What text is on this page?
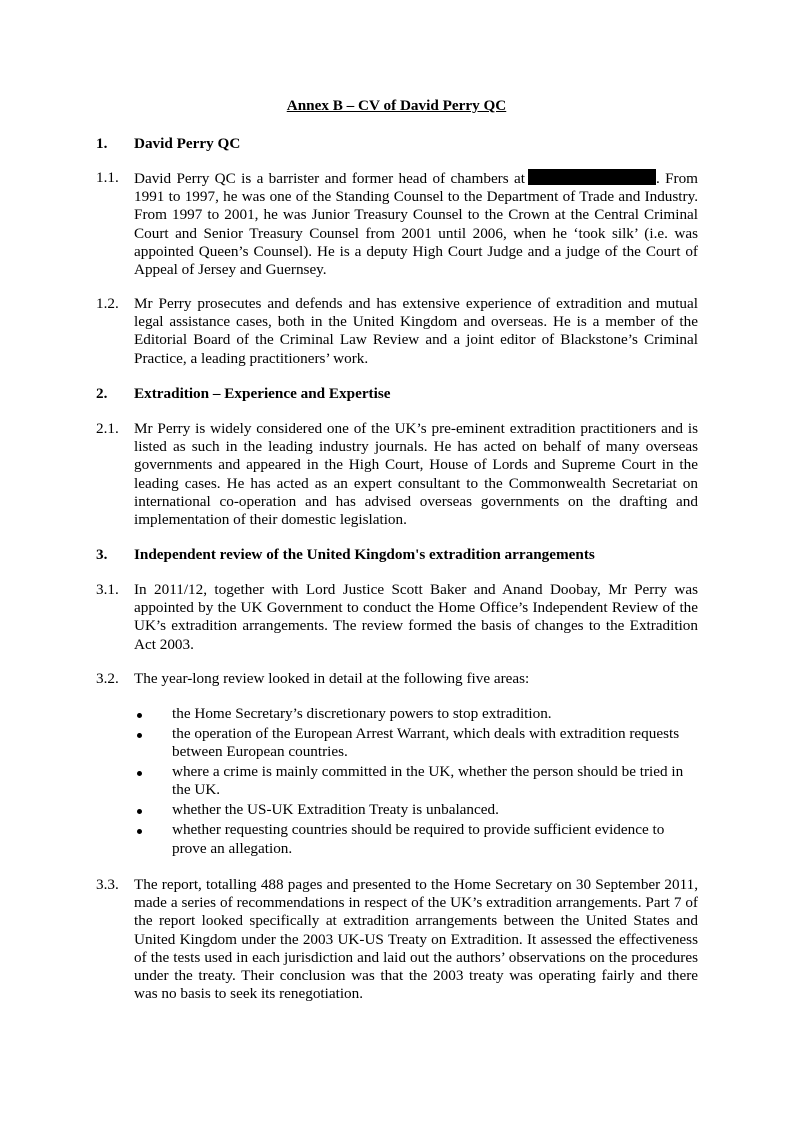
Annex B – CV of David Perry QC
1.	David Perry QC
1.1.	David Perry QC is a barrister and former head of chambers at	. From 1991 to 1997, he was one of the Standing Counsel to the Department of Trade and Industry. From 1997 to 2001, he was Junior Treasury Counsel to the Crown at the Central Criminal Court and Senior Treasury Counsel from 2001 until 2006, when he ‘took silk’ (i.e. was appointed Queen’s Counsel). He is a deputy High Court Judge and a judge of the Court of Appeal of Jersey and Guernsey.
1.2.	Mr Perry prosecutes and defends and has extensive experience of extradition and mutual legal assistance cases, both in the United Kingdom and overseas. He is a member of the Editorial Board of the Criminal Law Review and a joint editor of Blackstone’s Criminal Practice, a leading practitioners’ work.
2.	Extradition – Experience and Expertise
2.1.	Mr Perry is widely considered one of the UK’s pre-eminent extradition practitioners and is listed as such in the leading industry journals. He has acted on behalf of many overseas governments and appeared in the High Court, House of Lords and Supreme Court in the leading cases. He has acted as an expert consultant to the Commonwealth Secretariat on international co-operation and has advised overseas governments on the drafting and implementation of their domestic legislation.
3.	Independent review of the United Kingdom's extradition arrangements
3.1.	In 2011/12, together with Lord Justice Scott Baker and Anand Doobay, Mr Perry was appointed by the UK Government to conduct the Home Office’s Independent Review of the UK’s extradition arrangements. The review formed the basis of changes to the Extradition Act 2003.
3.2.	The year-long review looked in detail at the following five areas:
the Home Secretary’s discretionary powers to stop extradition.
the operation of the European Arrest Warrant, which deals with extradition requests between European countries.
where a crime is mainly committed in the UK, whether the person should be tried in the UK.
whether the US-UK Extradition Treaty is unbalanced.
whether requesting countries should be required to provide sufficient evidence to prove an allegation.
3.3.	The report, totalling 488 pages and presented to the Home Secretary on 30 September 2011, made a series of recommendations in respect of the UK’s extradition arrangements. Part 7 of the report looked specifically at extradition arrangements between the United States and United Kingdom under the 2003 UK-US Treaty on Extradition. It assessed the effectiveness of the tests used in each jurisdiction and laid out the authors’ observations on the procedures under the treaty. Their conclusion was that the 2003 treaty was operating fairly and there was no basis to seek its renegotiation.
